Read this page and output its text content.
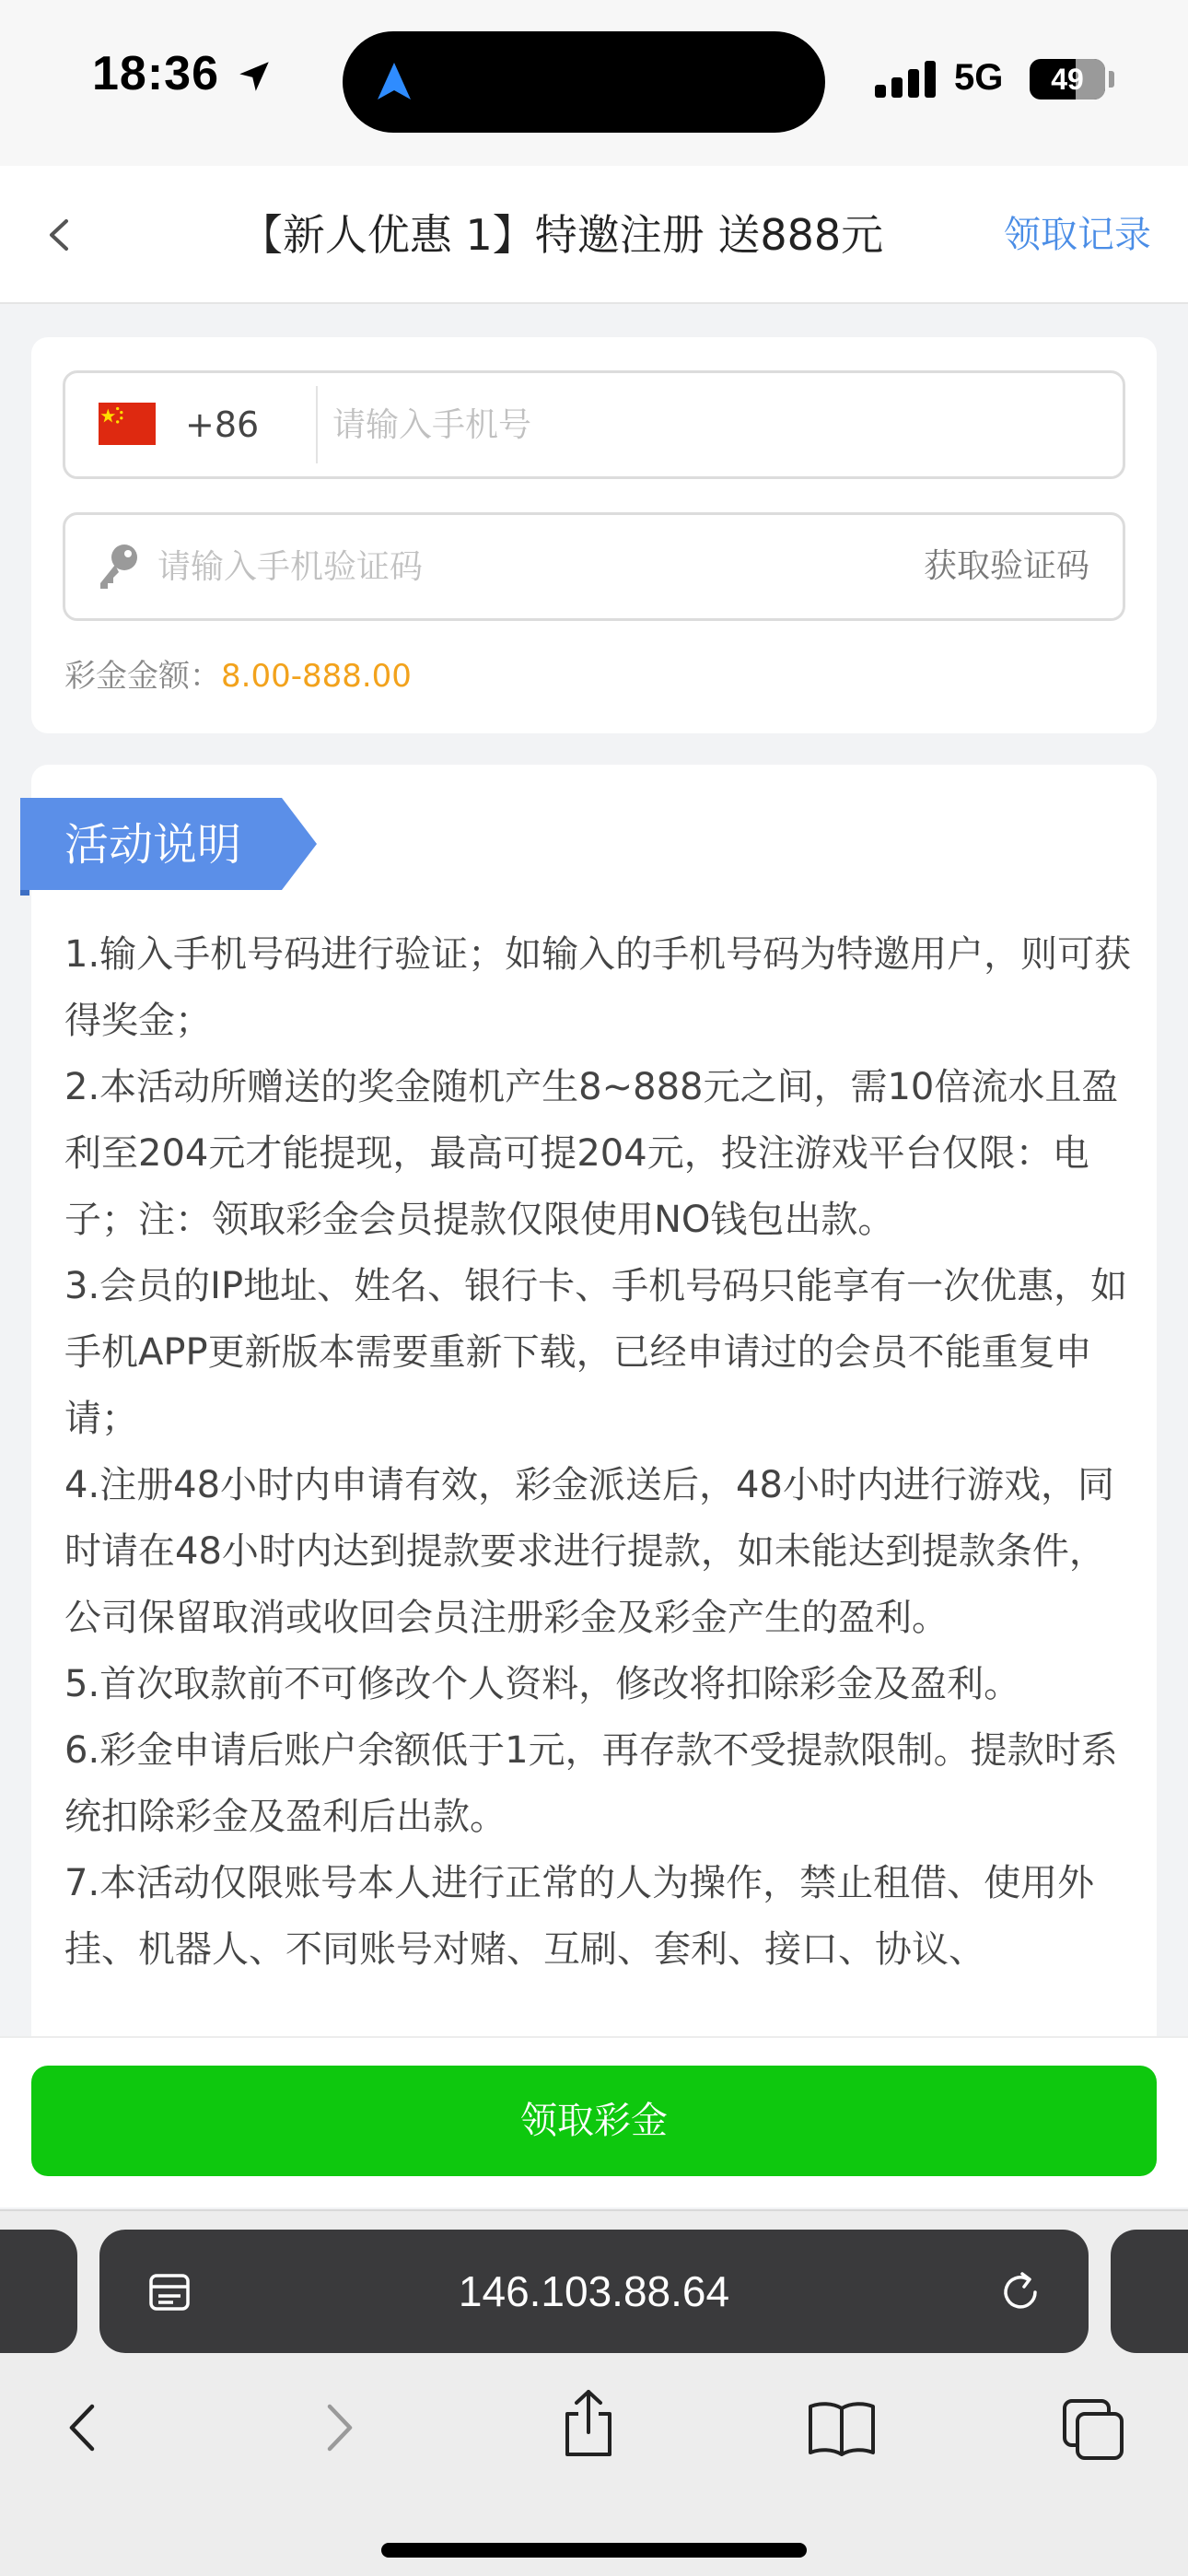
18:36	5G	49
【新人优惠 1】特邀注册 送888元	领取记录
+86
请输入手机号
请输入手机验证码
获取验证码
彩金金额：8.00-888.00

1.输入手机号码进行验证；如输入的手机号码为特邀用户，则可获得奖金；

2.本活动所赠送的奖金随机产生8~888元之间，需10倍流水且盈利至204元才能提现，最高可提204元，投注游戏平台仅限：电子；注：领取彩金会员提款仅限使用NO钱包出款。

3.会员的IP地址、姓名、银行卡、手机号码只能享有一次优惠，如手机APP更新版本需要重新下载，已经申请过的会员不能重复申请；

4.注册48小时内申请有效，彩金派送后，48小时内进行游戏，同时请在48小时内达到提款要求进行提款，如未能达到提款条件，公司保留取消或收回会员注册彩金及彩金产生的盈利。

5.首次取款前不可修改个人资料，修改将扣除彩金及盈利。

6.彩金申请后账户余额低于1元，再存款不受提款限制。提款时系统扣除彩金及盈利后出款。

7.本活动仅限账号本人进行正常的人为操作，禁止租借、使用外挂、机器人、不同账号对赌、互刷、套利、接口、协议、

活动说明
领取彩金
146.103.88.64
